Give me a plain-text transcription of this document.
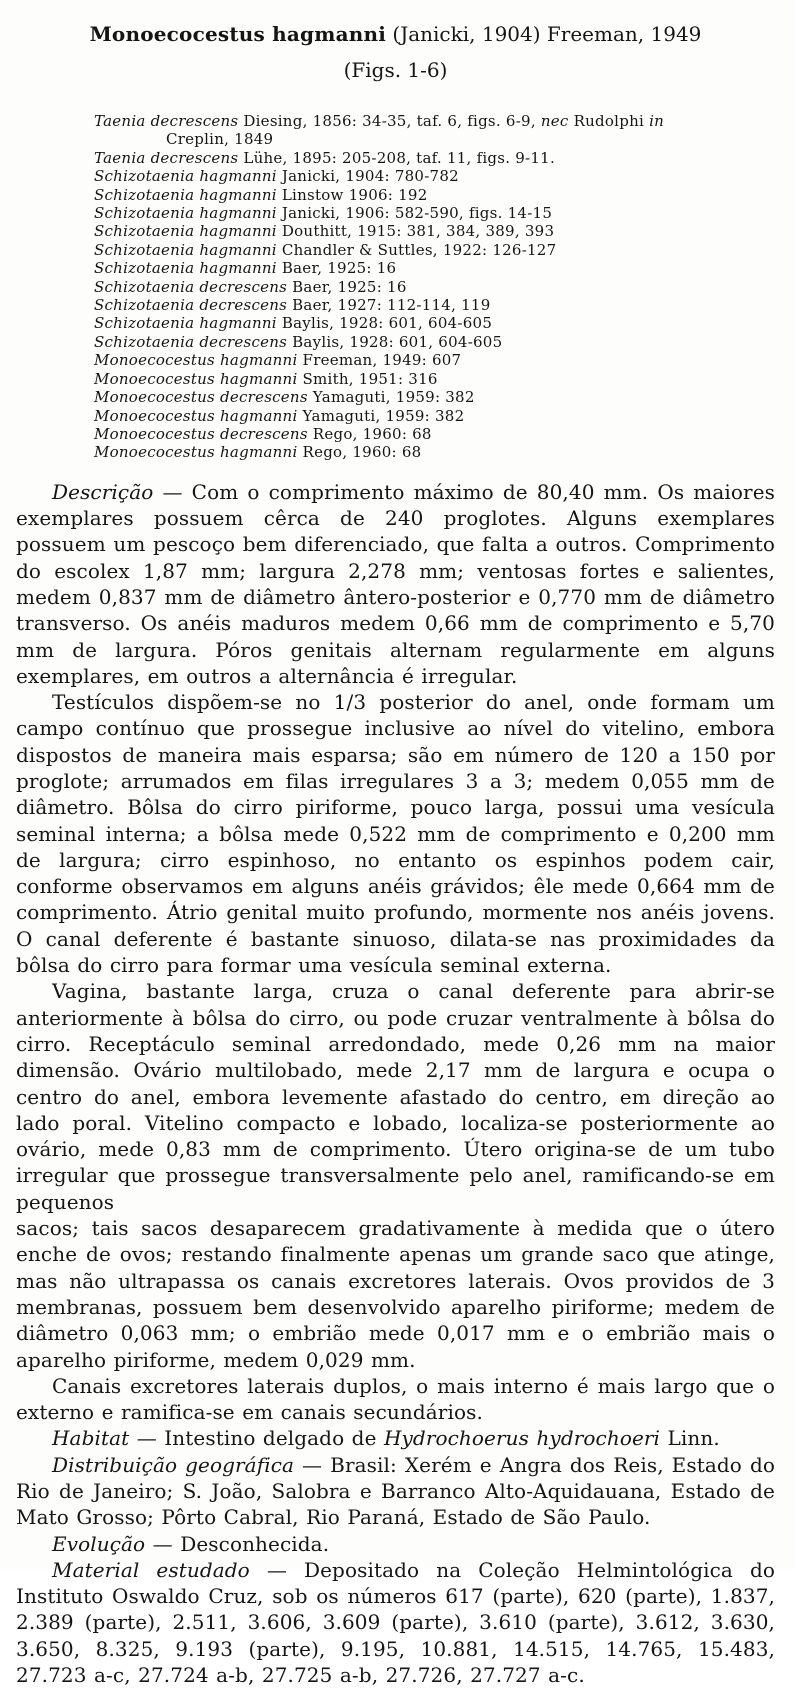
Monoecocestus hagmanni (Janicki, 1904) Freeman, 1949
(Figs. 1-6)
Taenia decrescens Diesing, 1856: 34-35, taf. 6, figs. 6-9, nec Rudolphi in
Creplin, 1849
Taenia decrescens Lühe, 1895: 205-208, taf. 11, figs. 9-11.
Schizotaenia hagmanni Janicki, 1904: 780-782
Schizotaenia hagmanni Linstow 1906: 192
Schizotaenia hagmanni Janicki, 1906: 582-590, figs. 14-15
Schizotaenia hagmanni Douthitt, 1915: 381, 384, 389, 393
Schizotaenia hagmanni Chandler & Suttles, 1922: 126-127
Schizotaenia hagmanni Baer, 1925: 16
Schizotaenia decrescens Baer, 1925: 16
Schizotaenia decrescens Baer, 1927: 112-114, 119
Schizotaenia hagmanni Baylis, 1928: 601, 604-605
Schizotaenia decrescens Baylis, 1928: 601, 604-605
Monoecocestus hagmanni Freeman, 1949: 607
Monoecocestus hagmanni Smith, 1951: 316
Monoecocestus decrescens Yamaguti, 1959: 382
Monoecocestus hagmanni Yamaguti, 1959: 382
Monoecocestus decrescens Rego, 1960: 68
Monoecocestus hagmanni Rego, 1960: 68

Descrição — Com o comprimento máximo de 80,40 mm. Os maiores exemplares possuem cêrca de 240 proglotes. Alguns exemplares possuem um pescoço bem diferenciado, que falta a outros. Comprimento do escolex 1,87 mm; largura 2,278 mm; ventosas fortes e salientes, medem 0,837 mm de diâmetro ântero-posterior e 0,770 mm de diâmetro transverso. Os anéis maduros medem 0,66 mm de comprimento e 5,70 mm de largura. Póros genitais alternam regularmente em alguns exemplares, em outros a alternância é irregular.

Testículos dispõem-se no 1/3 posterior do anel, onde formam um campo contínuo que prossegue inclusive ao nível do vitelino, embora dispostos de maneira mais esparsa; são em número de 120 a 150 por proglote; arrumados em filas irregulares 3 a 3; medem 0,055 mm de diâmetro. Bôlsa do cirro piriforme, pouco larga, possui uma vesícula seminal interna; a bôlsa mede 0,522 mm de comprimento e 0,200 mm de largura; cirro espinhoso, no entanto os espinhos podem cair, conforme observamos em alguns anéis grávidos; êle mede 0,664 mm de comprimento. Átrio genital muito profundo, mormente nos anéis jovens. O canal deferente é bastante sinuoso, dilata-se nas proximidades da bôlsa do cirro para formar uma vesícula seminal externa.

Vagina, bastante larga, cruza o canal deferente para abrir-se anteriormente à bôlsa do cirro, ou pode cruzar ventralmente à bôlsa do cirro. Receptáculo seminal arredondado, mede 0,26 mm na maior dimensão. Ovário multilobado, mede 2,17 mm de largura e ocupa o centro do anel, embora levemente afastado do centro, em direção ao lado poral. Vitelino compacto e lobado, localiza-se posteriormente ao ovário, mede 0,83 mm de comprimento. Útero origina-se de um tubo irregular que prossegue transversalmente pelo anel, ramificando-se em pequenos

sacos; tais sacos desaparecem gradativamente à medida que o útero enche de ovos; restando finalmente apenas um grande saco que atinge, mas não ultrapassa os canais excretores laterais. Ovos providos de 3 membranas, possuem bem desenvolvido aparelho piriforme; medem de diâmetro 0,063 mm; o embrião mede 0,017 mm e o embrião mais o aparelho piriforme, medem 0,029 mm.

Canais excretores laterais duplos, o mais interno é mais largo que o externo e ramifica-se em canais secundários.

Habitat — Intestino delgado de Hydrochoerus hydrochoeri Linn.

Distribuição geográfica — Brasil: Xerém e Angra dos Reis, Estado do Rio de Janeiro; S. João, Salobra e Barranco Alto-Aquidauana, Estado de Mato Grosso; Pôrto Cabral, Rio Paraná, Estado de São Paulo.

Evolução — Desconhecida.

Material estudado — Depositado na Coleção Helmintológica do Instituto Oswaldo Cruz, sob os números 617 (parte), 620 (parte), 1.837, 2.389 (parte), 2.511, 3.606, 3.609 (parte), 3.610 (parte), 3.612, 3.630, 3.650, 8.325, 9.193 (parte), 9.195, 10.881, 14.515, 14.765, 15.483, 27.723 a-c, 27.724 a-b, 27.725 a-b, 27.726, 27.727 a-c.
